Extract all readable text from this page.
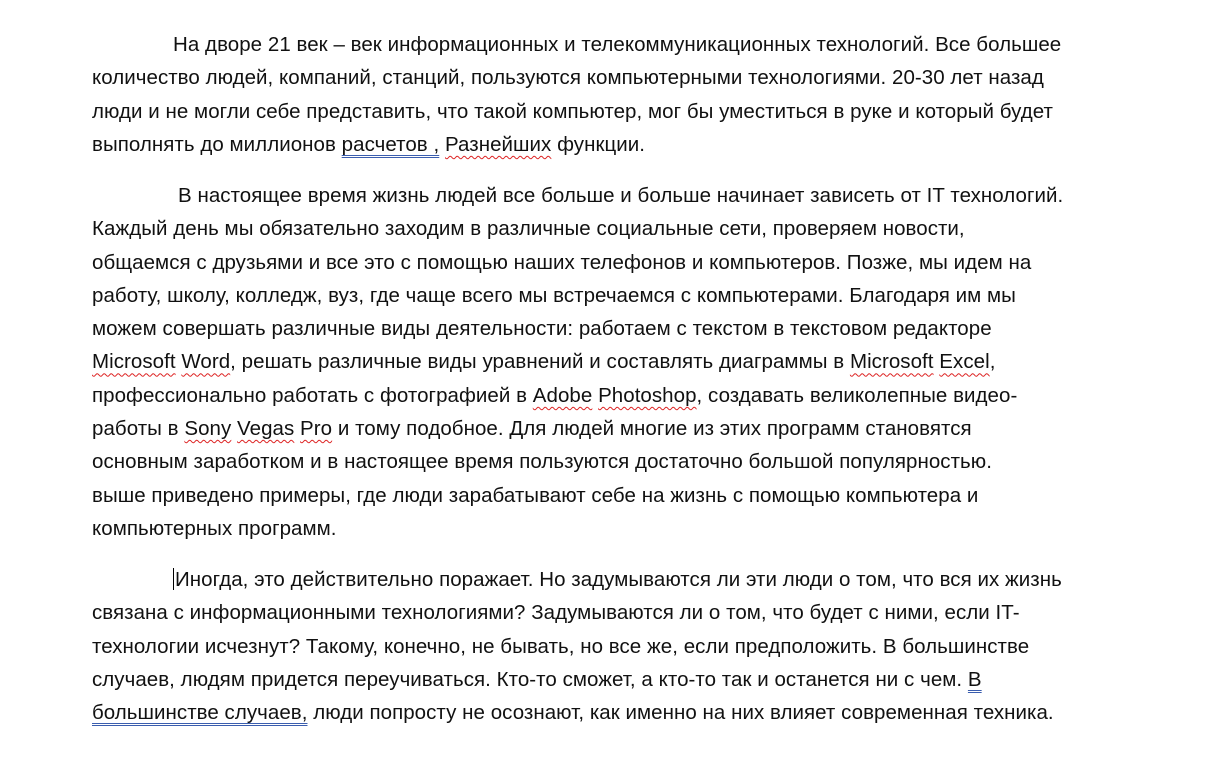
На дворе 21 век – век информационных и телекоммуникационных технологий. Все большее
количество людей, компаний, станций, пользуются компьютерными технологиями. 20-30 лет назад
люди и не могли себе представить, что такой компьютер, мог бы уместиться в руке и который будет
выполнять до миллионов расчетов , Разнейших функции.
В настоящее время жизнь людей все больше и больше начинает зависеть от IT технологий.
Каждый день мы обязательно заходим в различные социальные сети, проверяем новости,
общаемся с друзьями и все это с помощью наших телефонов и компьютеров. Позже, мы идем на
работу, школу, колледж, вуз, где чаще всего мы встречаемся с компьютерами. Благодаря им мы
можем совершать различные виды деятельности: работаем с текстом в текстовом редакторе
Microsoft Word, решать различные виды уравнений и составлять диаграммы в Microsoft Excel,
профессионально работать с фотографией в Adobe Photoshop, создавать великолепные видео-
работы в Sony Vegas Pro и тому подобное. Для людей многие из этих программ становятся
основным заработком и в настоящее время пользуются достаточно большой популярностью.
выше приведено примеры, где люди зарабатывают себе на жизнь с помощью компьютера и
компьютерных программ.
Иногда, это действительно поражает. Но задумываются ли эти люди о том, что вся их жизнь
связана с информационными технологиями? Задумываются ли о том, что будет с ними, если IT-
технологии исчезнут? Такому, конечно, не бывать, но все же, если предположить. В большинстве
случаев, людям придется переучиваться. Кто-то сможет, а кто-то так и останется ни с чем. В
большинстве случаев, люди попросту не осознают, как именно на них влияет современная техника.
